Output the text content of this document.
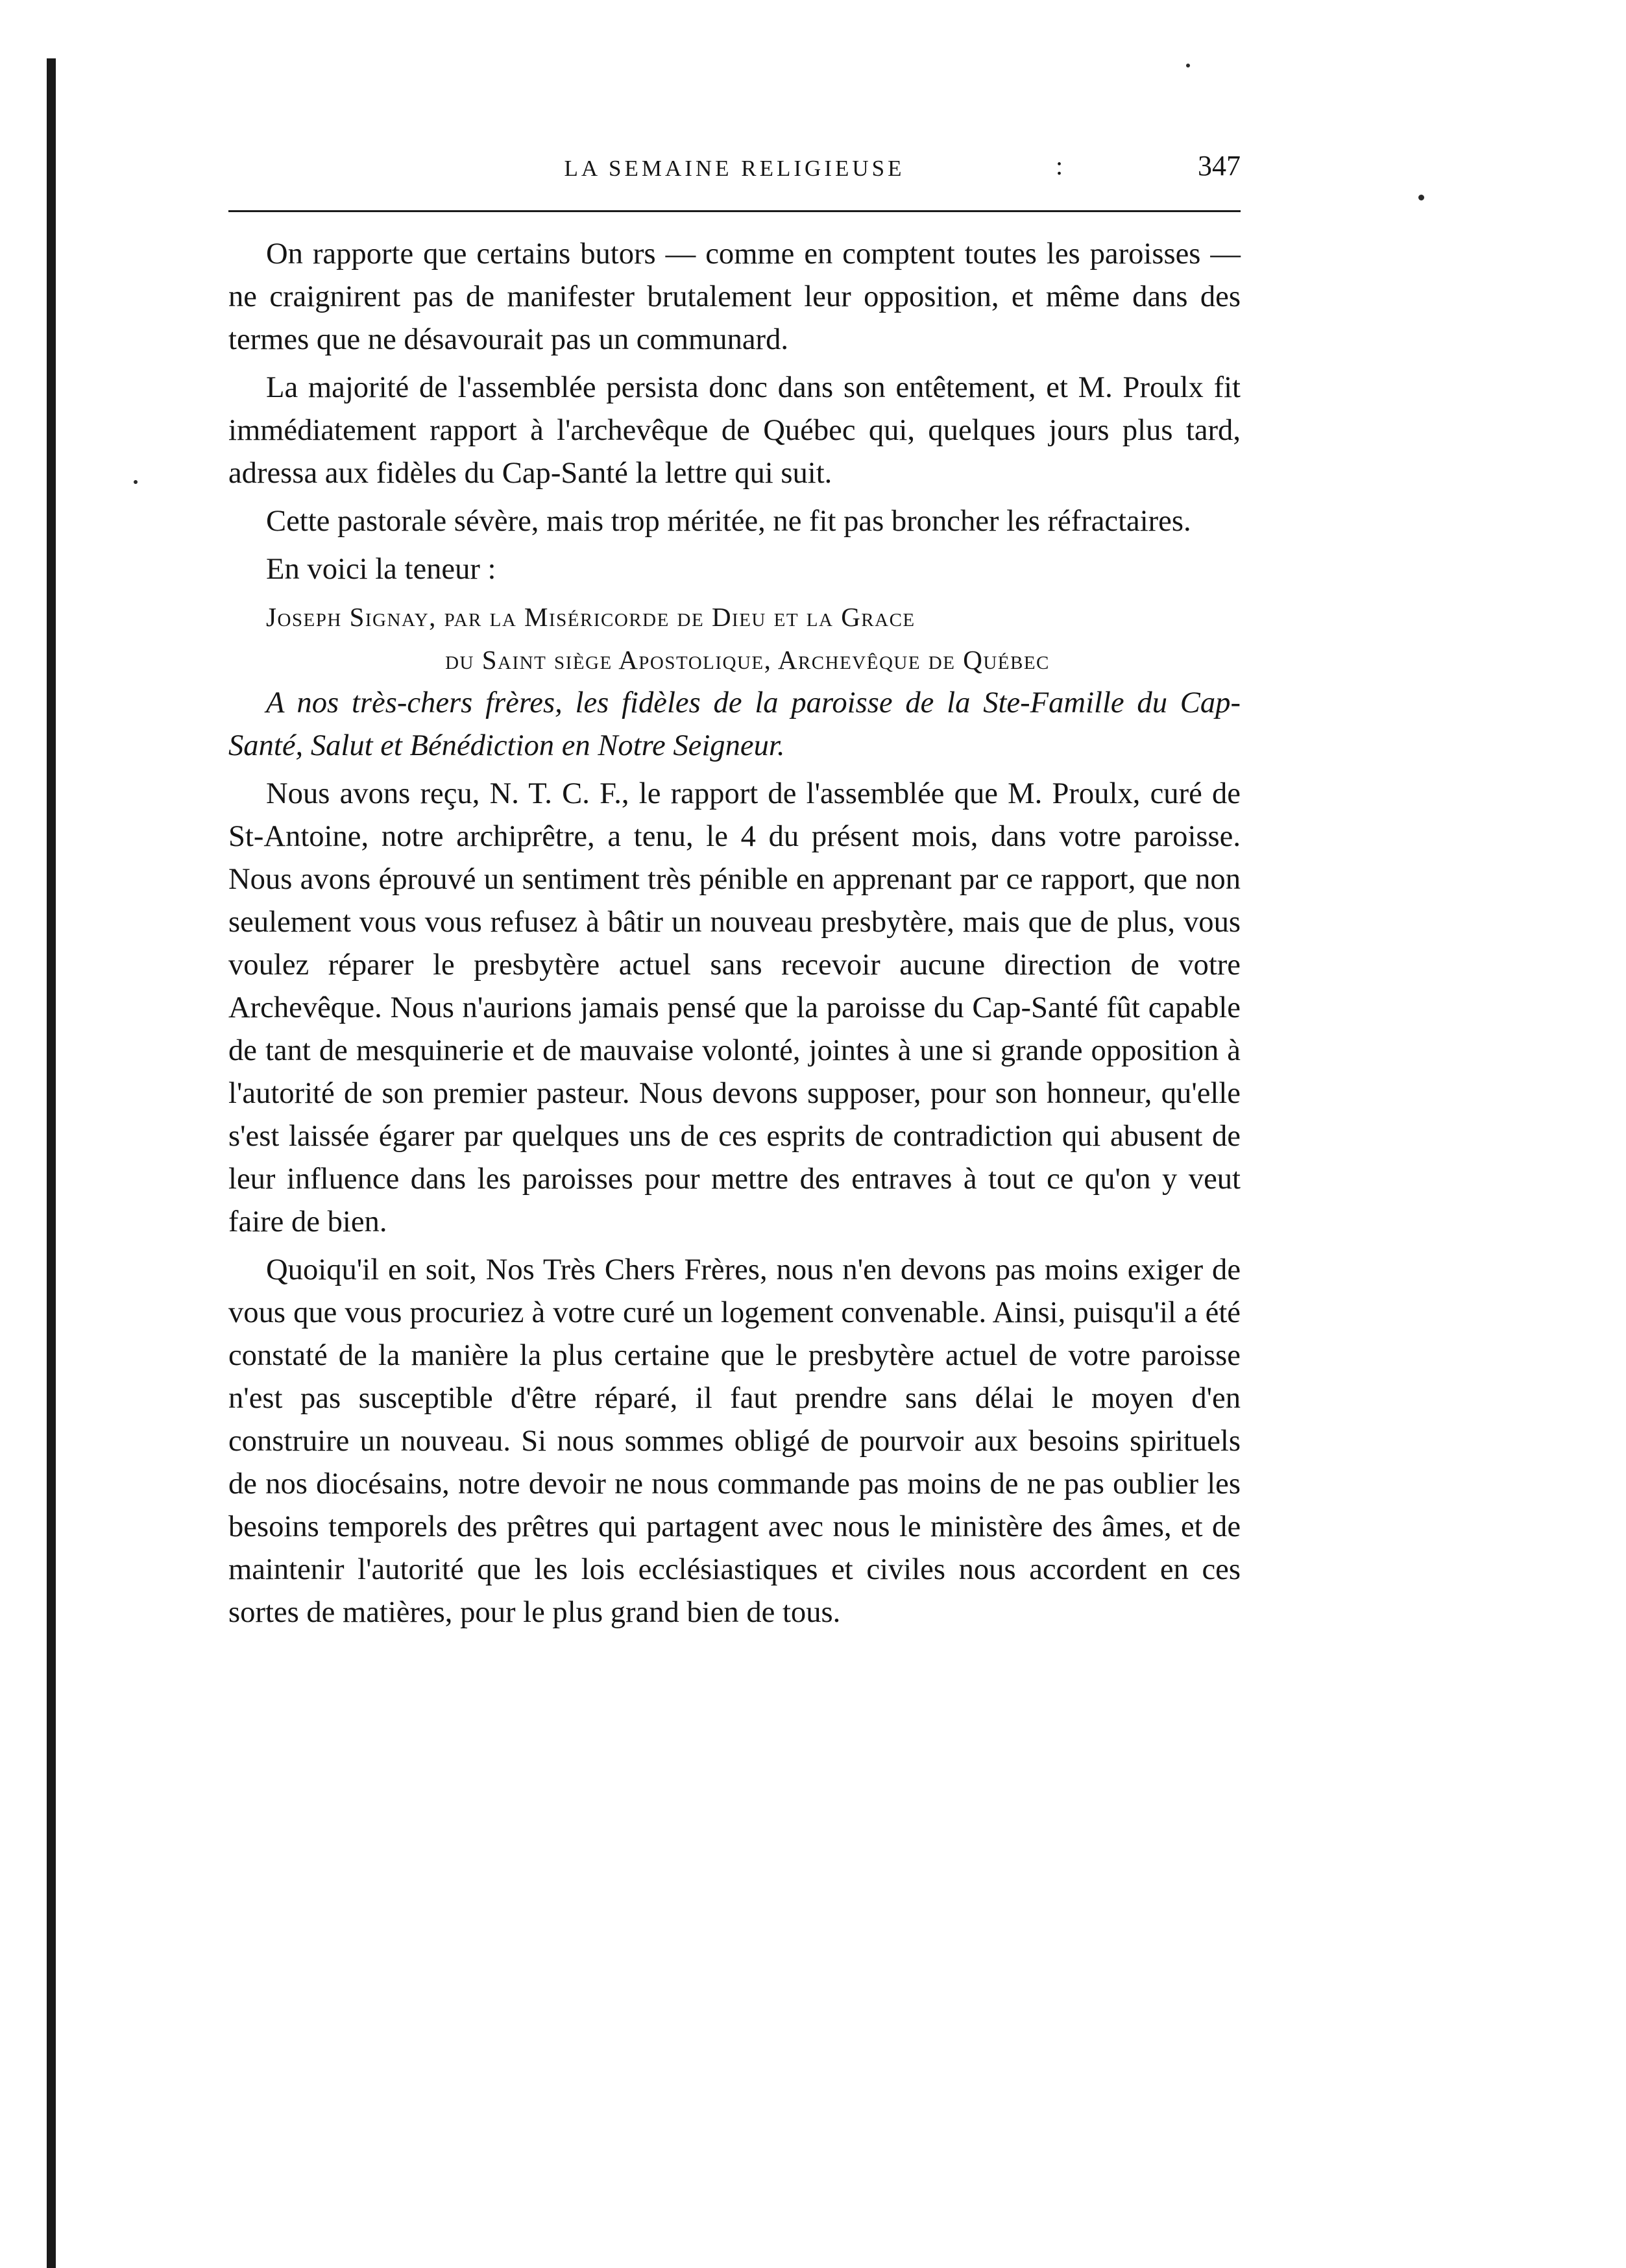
LA SEMAINE RELIGIEUSE	:	347

On rapporte que certains butors — comme en comptent toutes les paroisses — ne craignirent pas de manifester brutalement leur opposition, et même dans des termes que ne désavourait pas un communard.

La majorité de l'assemblée persista donc dans son entêtement, et M. Proulx fit immédiatement rapport à l'archevêque de Québec qui, quelques jours plus tard, adressa aux fidèles du Cap-Santé la lettre qui suit.

Cette pastorale sévère, mais trop méritée, ne fit pas broncher les réfractaires.

En voici la teneur :

Joseph Signay, par la Miséricorde de Dieu et la Grace
du Saint siège Apostolique, Archevêque de Québec

A nos très-chers frères, les fidèles de la paroisse de la Ste-Famille du Cap-Santé, Salut et Bénédiction en Notre Seigneur.

Nous avons reçu, N. T. C. F., le rapport de l'assemblée que M. Proulx, curé de St-Antoine, notre archiprêtre, a tenu, le 4 du présent mois, dans votre paroisse. Nous avons éprouvé un sentiment très pénible en apprenant par ce rapport, que non seulement vous vous refusez à bâtir un nouveau presbytère, mais que de plus, vous voulez réparer le presbytère actuel sans recevoir aucune direction de votre Archevêque. Nous n'aurions jamais pensé que la paroisse du Cap-Santé fût capable de tant de mesquinerie et de mauvaise volonté, jointes à une si grande opposition à l'autorité de son premier pasteur. Nous devons supposer, pour son honneur, qu'elle s'est laissée égarer par quelques uns de ces esprits de contradiction qui abusent de leur influence dans les paroisses pour mettre des entraves à tout ce qu'on y veut faire de bien.

Quoiqu'il en soit, Nos Très Chers Frères, nous n'en devons pas moins exiger de vous que vous procuriez à votre curé un logement convenable. Ainsi, puisqu'il a été constaté de la manière la plus certaine que le presbytère actuel de votre paroisse n'est pas susceptible d'être réparé, il faut prendre sans délai le moyen d'en construire un nouveau. Si nous sommes obligé de pourvoir aux besoins spirituels de nos diocésains, notre devoir ne nous commande pas moins de ne pas oublier les besoins temporels des prêtres qui partagent avec nous le ministère des âmes, et de maintenir l'autorité que les lois ecclésiastiques et civiles nous accordent en ces sortes de matières, pour le plus grand bien de tous.
